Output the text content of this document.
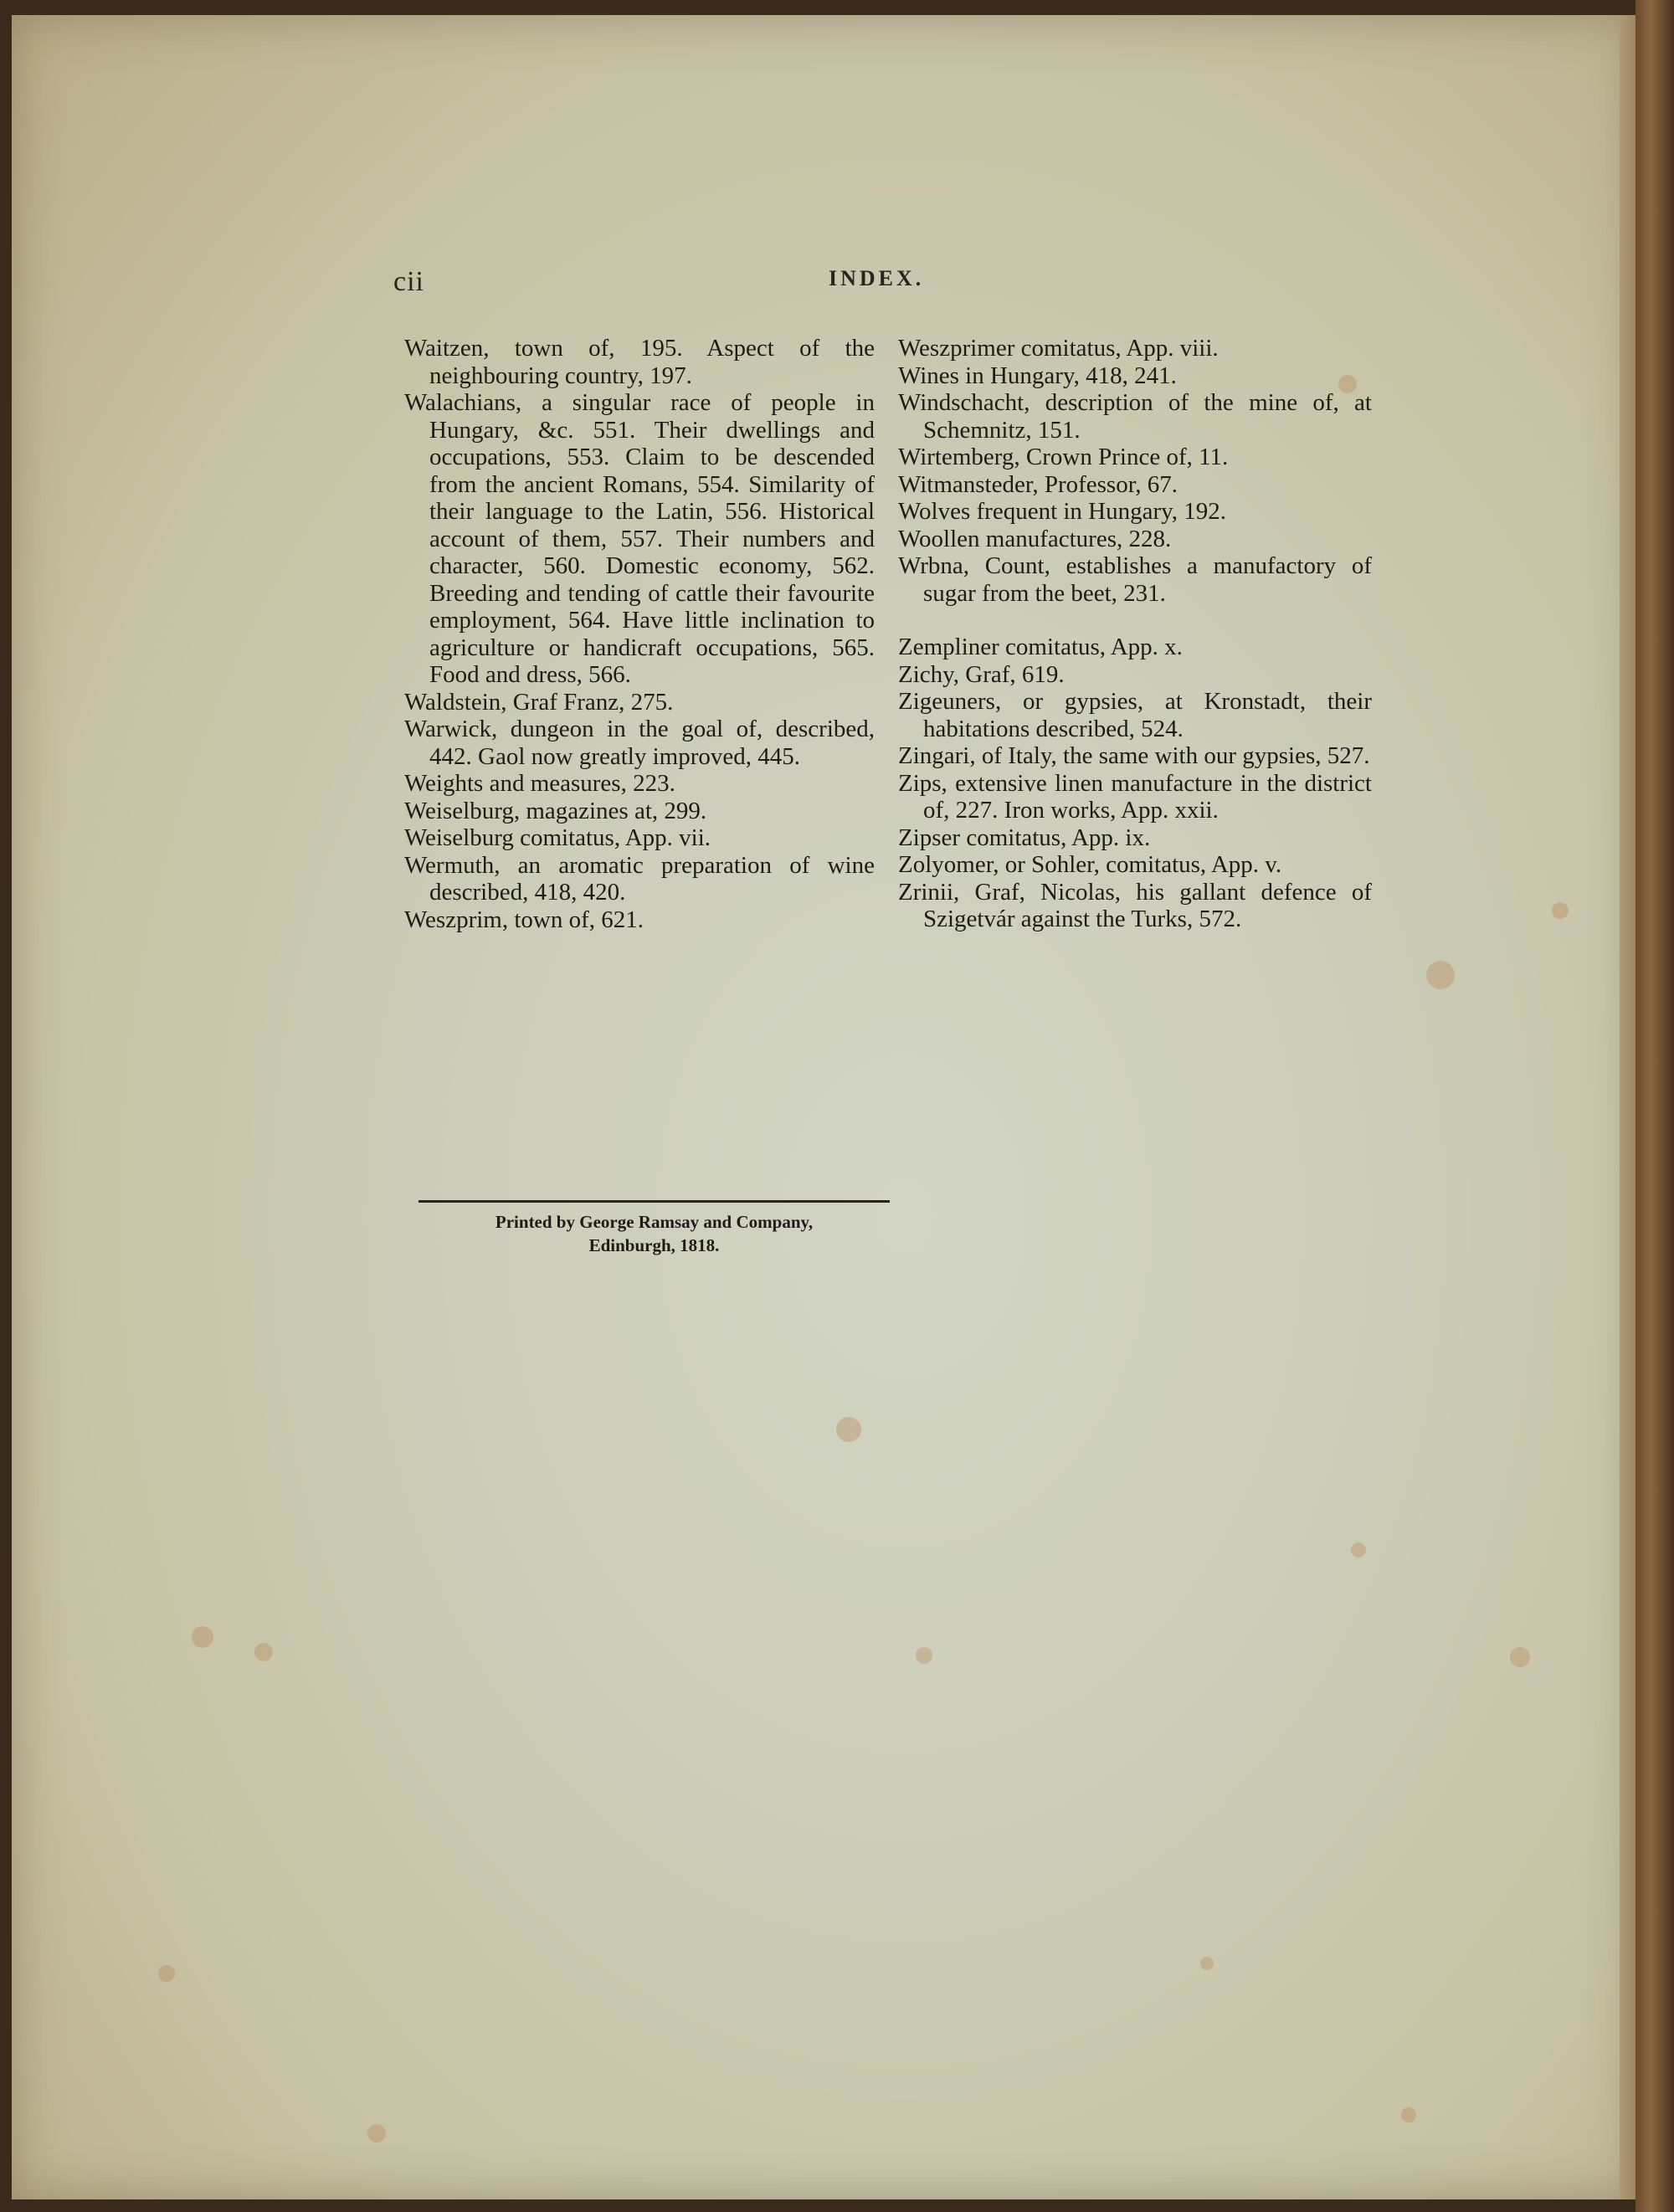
cii	INDEX.

Waitzen, town of, 195. Aspect of the neighbouring country, 197.

Walachians, a singular race of people in Hungary, &c. 551. Their dwellings and occupations, 553. Claim to be descended from the ancient Romans, 554. Similarity of their language to the Latin, 556. Historical account of them, 557. Their numbers and character, 560. Domestic economy, 562. Breeding and tending of cattle their favourite employment, 564. Have little inclination to agriculture or handicraft occupations, 565. Food and dress, 566.

Waldstein, Graf Franz, 275.

Warwick, dungeon in the goal of, described, 442. Gaol now greatly improved, 445.

Weights and measures, 223.

Weiselburg, magazines at, 299.

Weiselburg comitatus, App. vii.

Wermuth, an aromatic preparation of wine described, 418, 420.

Weszprim, town of, 621.

Weszprimer comitatus, App. viii.

Wines in Hungary, 418, 241.

Windschacht, description of the mine of, at Schemnitz, 151.

Wirtemberg, Crown Prince of, 11.

Witmansteder, Professor, 67.

Wolves frequent in Hungary, 192.

Woollen manufactures, 228.

Wrbna, Count, establishes a manufactory of sugar from the beet, 231.

Zempliner comitatus, App. x.

Zichy, Graf, 619.

Zigeuners, or gypsies, at Kronstadt, their habitations described, 524.

Zingari, of Italy, the same with our gypsies, 527.

Zips, extensive linen manufacture in the district of, 227. Iron works, App. xxii.

Zipser comitatus, App. ix.

Zolyomer, or Sohler, comitatus, App. v.

Zrinii, Graf, Nicolas, his gallant defence of Szigetvár against the Turks, 572.

Printed by George Ramsay and Company,
Edinburgh, 1818.
